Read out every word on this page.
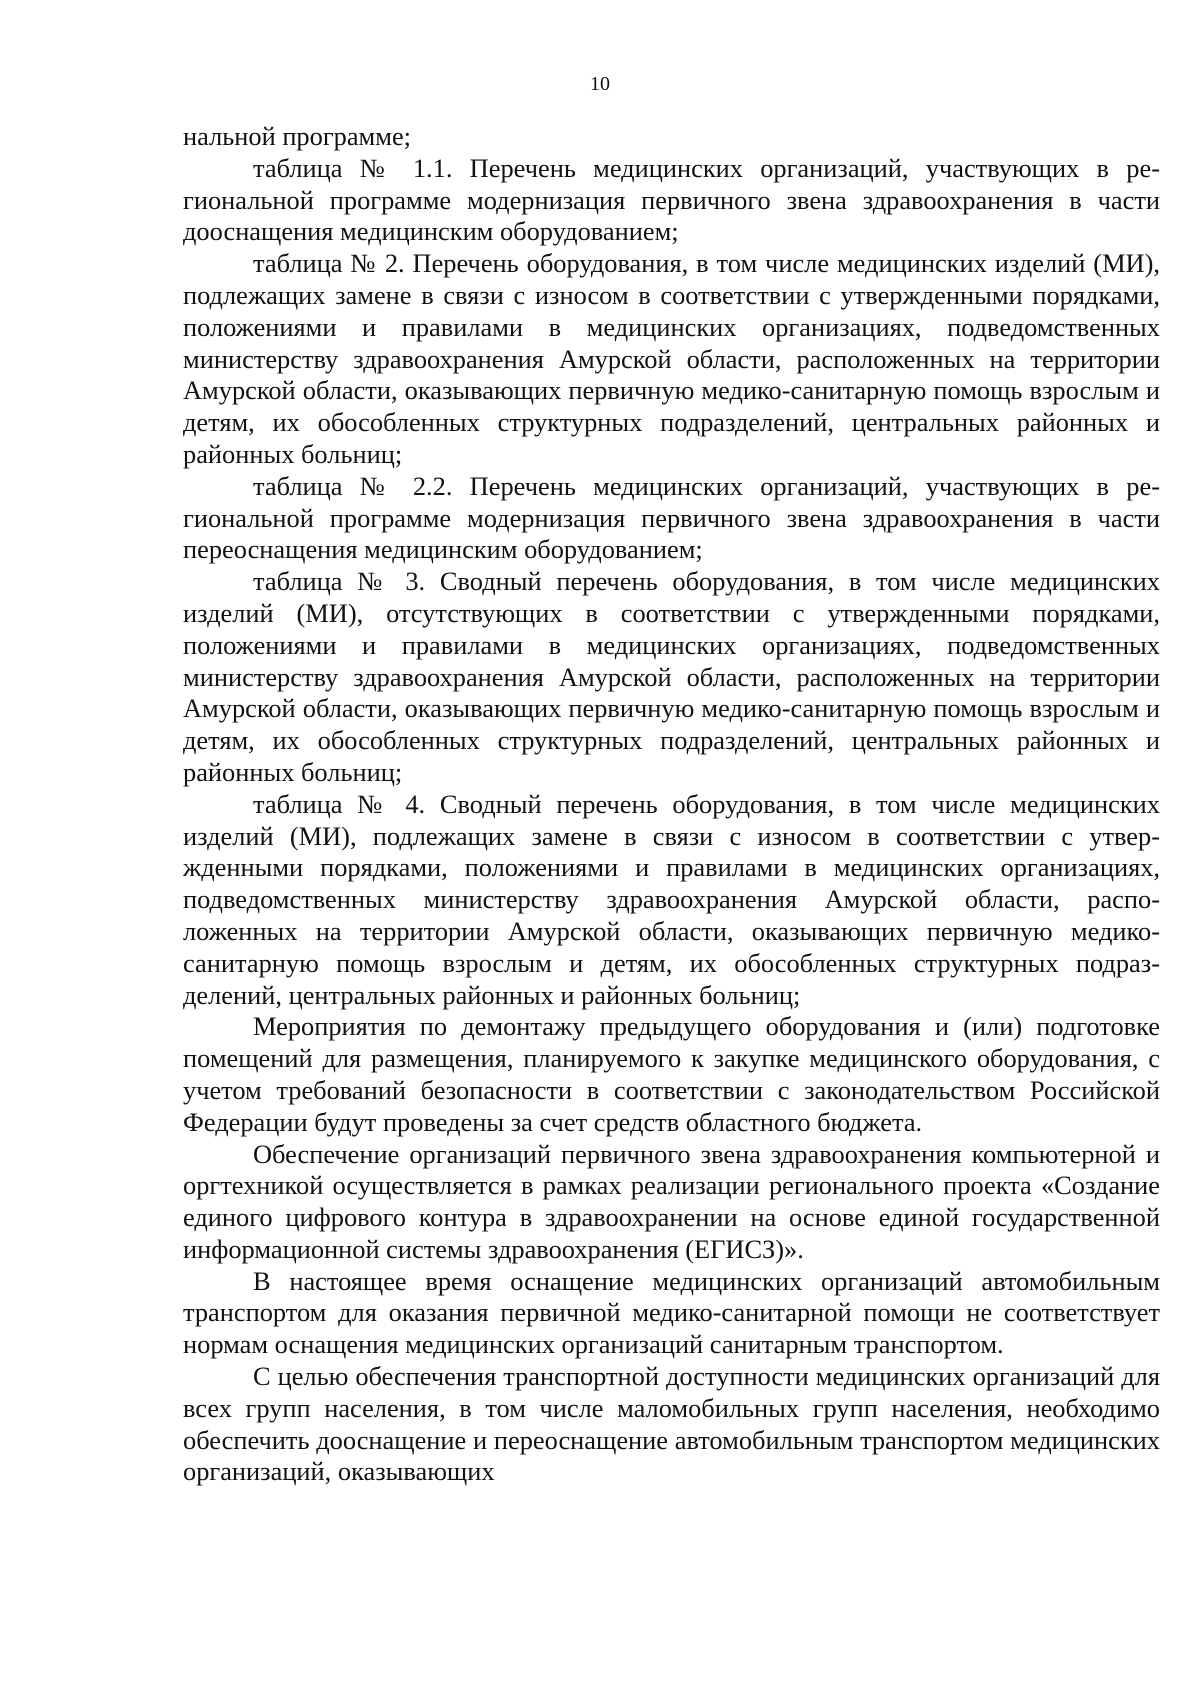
10

нальной программе;

таблица № 1.1. Перечень медицинских организаций, участвующих в региональной программе модернизация первичного звена здравоохранения в части дооснащения медицинским оборудованием;

таблица № 2. Перечень оборудования, в том числе медицинских изделий (МИ), подлежащих замене в связи с износом в соответствии с утвержденными порядками, положениями и правилами в медицинских организациях, подведомственных министерству здравоохранения Амурской области, расположенных на территории Амурской области, оказывающих первичную медико-санитарную помощь взрослым и детям, их обособленных структурных подразделений, центральных районных и районных больниц;

таблица № 2.2. Перечень медицинских организаций, участвующих в региональной программе модернизация первичного звена здравоохранения в части переоснащения медицинским оборудованием;

таблица № 3. Сводный перечень оборудования, в том числе медицинских изделий (МИ), отсутствующих в соответствии с утвержденными порядками, положениями и правилами в медицинских организациях, подведомственных министерству здравоохранения Амурской области, расположенных на территории Амурской области, оказывающих первичную медико-санитарную помощь взрослым и детям, их обособленных структурных подразделений, центральных районных и районных больниц;

таблица № 4. Сводный перечень оборудования, в том числе медицинских изделий (МИ), подлежащих замене в связи с износом в соответствии с утвержденными порядками, положениями и правилами в медицинских организациях, подведомственных министерству здравоохранения Амурской области, расположенных на территории Амурской области, оказывающих первичную медико-санитарную помощь взрослым и детям, их обособленных структурных подразделений, центральных районных и районных больниц;

Мероприятия по демонтажу предыдущего оборудования и (или) подготовке помещений для размещения, планируемого к закупке медицинского оборудования, с учетом требований безопасности в соответствии с законодательством Российской Федерации будут проведены за счет средств областного бюджета.

Обеспечение организаций первичного звена здравоохранения компьютерной и оргтехникой осуществляется в рамках реализации регионального проекта «Создание единого цифрового контура в здравоохранении на основе единой государственной информационной системы здравоохранения (ЕГИСЗ)».

В настоящее время оснащение медицинских организаций автомобильным транспортом для оказания первичной медико-санитарной помощи не соответствует нормам оснащения медицинских организаций санитарным транспортом.

С целью обеспечения транспортной доступности медицинских организаций для всех групп населения, в том числе маломобильных групп населения, необходимо обеспечить дооснащение и переоснащение автомобильным транспортом медицинских организаций, оказывающих
